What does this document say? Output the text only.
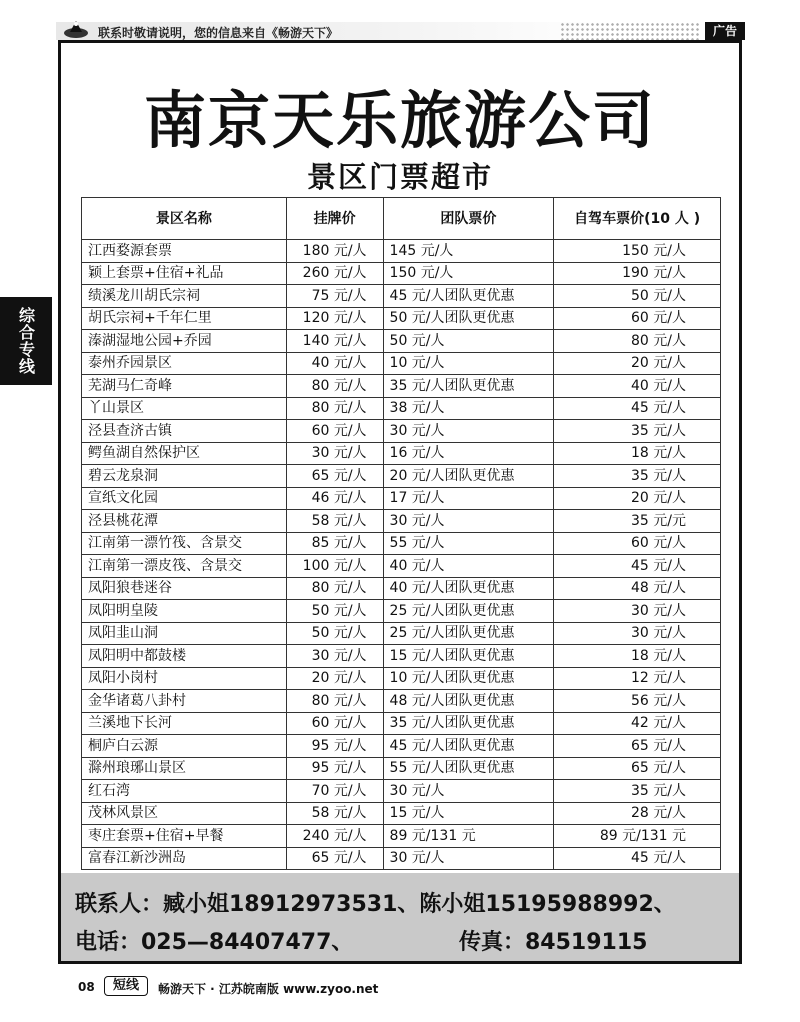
联系时敬请说明，您的信息来自《畅游天下》	广告
综合专线
南京天乐旅游公司
景区门票超市
景区名称	挂牌价	团队票价	自驾车票价(10 人 )
江西婺源套票	180 元/人	145 元/人	150 元/人
颖上套票+住宿+礼品	260 元/人	150 元/人	190 元/人
绩溪龙川胡氏宗祠	75 元/人	45 元/人团队更优惠	50 元/人
胡氏宗祠+千年仁里	120 元/人	50 元/人团队更优惠	60 元/人
溱湖湿地公园+乔园	140 元/人	50 元/人	80 元/人
泰州乔园景区	40 元/人	10 元/人	20 元/人
芜湖马仁奇峰	80 元/人	35 元/人团队更优惠	40 元/人
丫山景区	80 元/人	38 元/人	45 元/人
泾县查济古镇	60 元/人	30 元/人	35 元/人
鳄鱼湖自然保护区	30 元/人	16 元/人	18 元/人
碧云龙泉洞	65 元/人	20 元/人团队更优惠	35 元/人
宣纸文化园	46 元/人	17 元/人	20 元/人
泾县桃花潭	58 元/人	30 元/人	35 元/元
江南第一漂竹筏、含景交	85 元/人	55 元/人	60 元/人
江南第一漂皮筏、含景交	100 元/人	40 元/人	45 元/人
凤阳狼巷迷谷	80 元/人	40 元/人团队更优惠	48 元/人
凤阳明皇陵	50 元/人	25 元/人团队更优惠	30 元/人
凤阳韭山洞	50 元/人	25 元/人团队更优惠	30 元/人
凤阳明中都鼓楼	30 元/人	15 元/人团队更优惠	18 元/人
凤阳小岗村	20 元/人	10 元/人团队更优惠	12 元/人
金华诸葛八卦村	80 元/人	48 元/人团队更优惠	56 元/人
兰溪地下长河	60 元/人	35 元/人团队更优惠	42 元/人
桐庐白云源	95 元/人	45 元/人团队更优惠	65 元/人
滁州琅琊山景区	95 元/人	55 元/人团队更优惠	65 元/人
红石湾	70 元/人	30 元/人	35 元/人
茂林风景区	58 元/人	15 元/人	28 元/人
枣庄套票+住宿+早餐	240 元/人	89 元/131 元	89 元/131 元
富春江新沙洲岛	65 元/人	30 元/人	45 元/人
联系人：臧小姐18912973531、陈小姐15195988992、
电话：025—84407477、	传真：84519115
08	短线	畅游天下 · 江苏皖南版 www.zyoo.net
